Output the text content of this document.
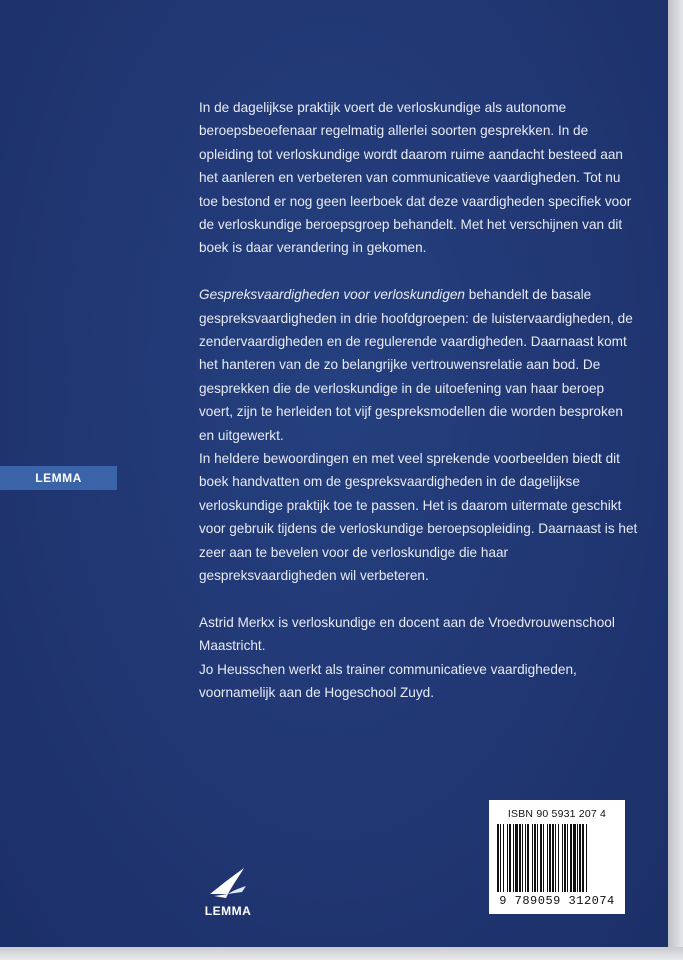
In de dagelijkse praktijk voert de verloskundige als autonome beroepsbeoefenaar regelmatig allerlei soorten gesprekken. In de opleiding tot verloskundige wordt daarom ruime aandacht besteed aan het aanleren en verbeteren van communicatieve vaardigheden. Tot nu toe bestond er nog geen leerboek dat deze vaardigheden specifiek voor de verloskundige beroepsgroep behandelt. Met het verschijnen van dit boek is daar verandering in gekomen.

Gespreksvaardigheden voor verloskundigen behandelt de basale gespreksvaardigheden in drie hoofdgroepen: de luistervaardigheden, de zendervaardigheden en de regulerende vaardigheden. Daarnaast komt het hanteren van de zo belangrijke vertrouwensrelatie aan bod. De gesprekken die de verloskundige in de uitoefening van haar beroep voert, zijn te herleiden tot vijf gespreksmodellen die worden besproken en uitgewerkt.

In heldere bewoordingen en met veel sprekende voorbeelden biedt dit boek handvatten om de gespreksvaardigheden in de dagelijkse verloskundige praktijk toe te passen. Het is daarom uitermate geschikt voor gebruik tijdens de verloskundige beroepsopleiding. Daarnaast is het zeer aan te bevelen voor de verloskundige die haar gespreksvaardigheden wil verbeteren.

Astrid Merkx is verloskundige en docent aan de Vroedvrouwenschool Maastricht.

Jo Heusschen werkt als trainer communicatieve vaardigheden, voornamelijk aan de Hogeschool Zuyd.

LEMMA
LEMMA
ISBN 90 5931 207 4
9 789059 312074
